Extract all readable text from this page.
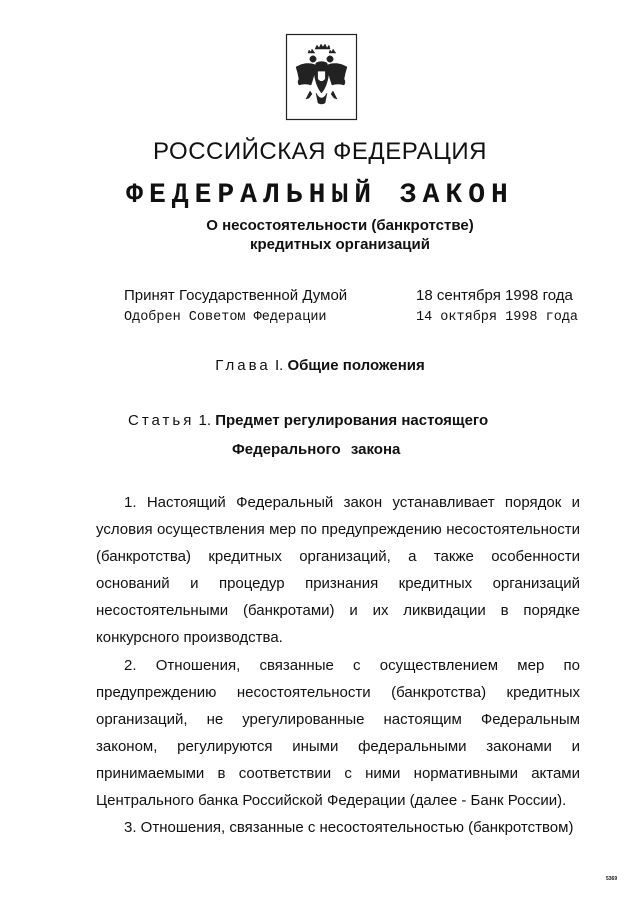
РОССИЙСКАЯ ФЕДЕРАЦИЯ
ФЕДЕРАЛЬНЫЙ ЗАКОН
О несостоятельности (банкротстве)
кредитных организаций
Принят Государственной Думой	18 сентября 1998 года
Одобрен Советом Федерации	14 октября 1998 года
Глава I. Общие положения
Статья 1. Предмет регулирования настоящего
Федерального закона

1. Настоящий Федеральный закон устанавливает порядок и условия осуществления мер по предупреждению несостоятельности (банкротства) кредитных организаций, а также особенности оснований и процедур признания кредитных организаций несостоятельными (банкротами) и их ликвидации в порядке конкурсного производства.

2. Отношения, связанные с осуществлением мер по предупреждению несостоятельности (банкротства) кредитных организаций, не урегулированные настоящим Федеральным законом, регулируются иными федеральными законами и принимаемыми в соответствии с ними нормативными актами Центрального банка Российской Федерации (далее - Банк России).

3. Отношения, связанные с несостоятельностью (банкротством)

5369
